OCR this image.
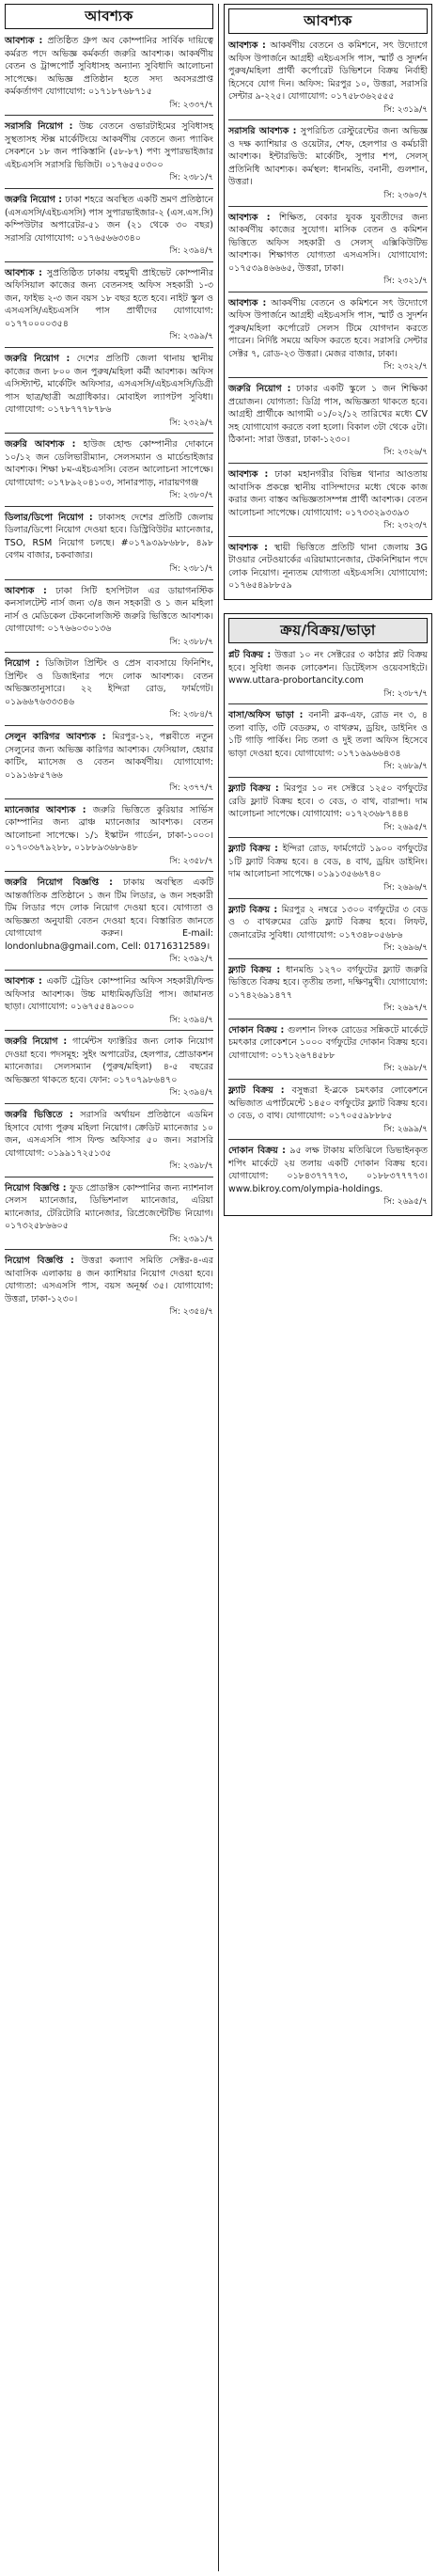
আবশ্যক
আবশ্যক : প্রতিষ্ঠিত গ্রুপ অব কোম্পানির সার্বিক দায়িত্বে কর্মরত পদে অভিজ্ঞ কর্মকর্তা জরুরি আবশ্যক। আকর্ষণীয় বেতন ও ট্রান্সপোর্ট সুবিধাসহ অন্যান্য সুবিধাদি আলোচনা সাপেক্ষে। অভিজ্ঞ প্রতিষ্ঠান হতে সদ্য অবসরপ্রাপ্ত কর্মকর্তাগণ যোগাযোগ: ০১৭১৮৭৬৮৭১৫
সি: ২৩৩৭/৭
সরাসরি নিয়োগ : উচ্চ বেতনে ওভারটাইমের সুবিধাসহ সুস্থতাসহ স্টক্স মার্কেটিংয়ে আকর্ষণীয় বেতনে জন্য প্যাকিং সেকশনে ১৮ জন পাকিস্তানি (৫৮-৮৭) পণ্য সুপারভাইজার এইচএসসি সরাসরি ভিজিট। ০১৭৬৫৫০৩০০
সি: ২৩৮১/৭
জরুরি নিয়োগ : ঢাকা শহরে অবস্থিত একটি ভ্রমণ প্রতিষ্ঠানে (এসএসসি/এইচএসসি) পাস সুপারভাইজার-২ (এস.এস.সি) কম্পিউটার অপারেটর-৫১ জন (২১ থেকে ৩০ বছর) সরাসরি যোগাযোগ: ০১৭৬৫৬৬৩৩৪০
সি: ২৩৯৪/৭
আবশ্যক : সুপ্রতিষ্ঠিত ঢাকায় বহুমুখী প্রাইভেট কোম্পানীর অফিসিয়াল কাজের জন্য বেতনসহ অফিস সহকারী ১-৩ জন, ফাইভ ২-৩ জন বয়স ১৮ বছর হতে হবে। নাইট স্কুল ও এসএসসি/এইচএসসি পাস প্রার্থীদের যোগাযোগ: ০১৭৭০০০০৩৫৪
সি: ২৩৯৯/৭
জরুরি নিয়োগ : দেশের প্রতিটি জেলা থানায় স্থানীয় কাজের জন্য ৮০০ জন পুরুষ/মহিলা কর্মী আবশ্যক। অফিস এসিস্ট্যান্ট, মার্কেটিং অফিসার, এসএসসি/এইচএসসি/ডিগ্রী পাস ছাত্র/ছাত্রী অগ্রাধিকার। মোবাইল ল্যাপটপ সুবিধা। যোগাযোগ: ০১৭৮৭৭৭৮৭৮৬
সি: ২৩২৯/৭
জরুরি আবশ্যক : হাউজ হোল্ড কোম্পানীর দোকানে ১০/১২ জন ডেলিভারীম্যান, সেলসম্যান ও মার্চেন্ডাইজার আবশ্যক। শিক্ষা ৮ম-এইচএসসি। বেতন আলোচনা সাপেক্ষে। যোগাযোগ: ০১৭৮৯২০৪১০৩, সানারপাড়, নারায়ণগঞ্জ
সি: ২৩৮০/৭
ডিলার/ডিপো নিয়োগ : ঢাকাসহ দেশের প্রতিটি জেলায় ডিলার/ডিপো নিয়োগ দেওয়া হবে। ডিস্ট্রিবিউটর ম্যানেজার, TSO, RSM নিয়োগ চলছে। #০১৭৯৩৯৮৬৮৮, ৪৯৮ বেগম বাজার, চকবাজার।
সি: ২৩৮১/৭
আবশ্যক : ঢাকা সিটি হসপিটাল এর ডায়াগনস্টিক কনসালটেন্ট নার্স জন্য ৩/৪ জন সহকারী ও ১ জন মহিলা নার্স ও মেডিকেল টেকনোলজিস্ট জরুরি ভিত্তিতে আবশ্যক। যোগাযোগ: ০১৭৬৬০৩০১৩৬
সি: ২৩৮৮/৭
নিয়োগ : ডিজিটাল প্রিন্টিং ও প্রেস ব্যবসায়ে ফিনিশিং, প্রিন্টিং ও ডিজাইনার পদে লোক আবশ্যক। বেতন অভিজ্ঞতানুসারে। ২২ ইন্দিরা রোড, ফার্মগেট। ০১৯৬৬৭৬৩৩৩৪৬
সি: ২৩৮৪/৭
সেলুন কারিগর আবশ্যক : মিরপুর-১২, পল্লবীতে নতুন সেলুনের জন্য অভিজ্ঞ কারিগর আবশ্যক। ফেসিয়াল, হেয়ার কাটিং, ম্যাসেজ ও বেতন আকর্ষণীয়। যোগাযোগ: ০১৯১৬৮৫৭৬৬
সি: ২৩৭৭/৭
ম্যানেজার আবশ্যক : জরুরি ভিত্তিতে কুরিয়ার সার্ভিস কোম্পানির জন্য ব্রাঞ্চ ম্যানেজার আবশ্যক। বেতন আলোচনা সাপেক্ষে। ১/১ ইস্কাটন গার্ডেন, ঢাকা-১০০০। ০১৭০৩৬৭৯২৮৮, ০১৮৮৯৩৬৮৬৪৮
সি: ২৩৫৮/৭
জরুরি নিয়োগ বিজ্ঞপ্তি : ঢাকায় অবস্থিত একটি আন্তর্জাতিক প্রতিষ্ঠানে ১ জন টিম লিডার, ৬ জন সহকারী টিম লিডার পদে লোক নিয়োগ দেওয়া হবে। যোগ্যতা ও অভিজ্ঞতা অনুযায়ী বেতন দেওয়া হবে। বিস্তারিত জানতে যোগাযোগ করুন। E-mail: londonlubna@gmail.com, Cell: 01716312589।
সি: ২৩৯২/৭
আবশ্যক : একটি ট্রেডিং কোম্পানির অফিস সহকারী/ফিল্ড অফিসার আবশ্যক। উচ্চ মাধ্যমিক/ডিগ্রি পাস। জামানত ছাড়া। যোগাযোগ: ০১৬৭৫৫৪৯০০০
সি: ২৩৯৪/৭
জরুরি নিয়োগ : গার্মেন্টস ফ্যাক্টরির জন্য লোক নিয়োগ দেওয়া হবে। পদসমূহ: সুইং অপারেটর, হেলপার, প্রোডাকশন ম্যানেজার। সেলসম্যান (পুরুষ/মহিলা) ৪-৫ বছরের অভিজ্ঞতা থাকতে হবে। ফোন: ০১৭০৭৯৮৬৪৭০
সি: ২৩৯৪/৭
জরুরি ভিত্তিতে : সরাসরি অর্থায়ন প্রতিষ্ঠানে এডমিন হিসাবে যোগ্য পুরুষ মহিলা নিয়োগ। ক্রেডিট ম্যানেজার ১০ জন, এসএসসি পাস ফিল্ড অফিসার ৫০ জন। সরাসরি যোগাযোগ: ০১৯৯১৭২৫১৩৫
সি: ২৩৯৮/৭
নিয়োগ বিজ্ঞপ্তি : ফুড প্রোডাক্টস কোম্পানির জন্য ন্যাশনাল সেলস ম্যানেজার, ডিভিশনাল ম্যানেজার, এরিয়া ম্যানেজার, টেরিটোরি ম্যানেজার, রিপ্রেজেন্টেটিভ নিয়োগ। ০১৭৩২৫৮৬৬০৫
সি: ২৩৯১/৭
নিয়োগ বিজ্ঞপ্তি : উত্তরা কল্যাণ সমিতি সেক্টর-৪-এর আবাসিক এলাকায় ৪ জন ক্যাশিয়ার নিয়োগ দেওয়া হবে। যোগ্যতা: এসএসসি পাস, বয়স অনূর্ধ্ব ৩৫। যোগাযোগ: উত্তরা, ঢাকা-১২৩০।
সি: ২৩৫৪/৭
আবশ্যক
আবশ্যক : আকর্ষণীয় বেতনে ও কমিশনে, সৎ উদ্যোগে অফিস উপার্জনে আগ্রহী এইচএসসি পাস, স্মার্ট ও সুদর্শন পুরুষ/মহিলা প্রার্থী কর্পোরেট ডিভিশনে বিক্রয় নির্বাহী হিসেবে যোগ দিন। অফিস: মিরপুর ১০, উত্তরা, সরাসরি সেন্টার ৯-২২৫। যোগাযোগ: ০১৭৫৮৩৬২৫৫৫
সি: ২৩১৯/৭
সরাসরি আবশ্যক : সুপরিচিত রেস্টুরেন্টের জন্য অভিজ্ঞ ও দক্ষ ক্যাশিয়ার ও ওয়েটার, শেফ, হেলপার ও কর্মচারী আবশ্যক। ইন্টারভিউ: মার্কেটিং, সুপার শপ, সেলস্ প্রতিনিধি আবশ্যক। কর্মস্থল: ধানমন্ডি, বনানী, গুলশান, উত্তরা।
সি: ২৩৬০/৭
আবশ্যক : শিক্ষিত, বেকার যুবক যুবতীদের জন্য আকর্ষণীয় কাজের সুযোগ। মাসিক বেতন ও কমিশন ভিত্তিতে অফিস সহকারী ও সেলস্ এক্সিকিউটিভ আবশ্যক। শিক্ষাগত যোগ্যতা এসএসসি। যোগাযোগ: ০১৭৫৩৯৪৬৬৬৫, উত্তরা, ঢাকা।
সি: ২৩২১/৭
আবশ্যক : আকর্ষণীয় বেতনে ও কমিশনে সৎ উদ্যোগে অফিস উপার্জনে আগ্রহী এইচএসসি পাস, স্মার্ট ও সুদর্শন পুরুষ/মহিলা কর্পোরেট সেলস টিমে যোগদান করতে পারেন। নির্দিষ্ট সময়ে অফিস করতে হবে। সরাসরি সেন্টার সেক্টর ৭, রোড-২৩ উত্তরা। মেজর বাজার, ঢাকা।
সি: ২৩২২/৭
জরুরি নিয়োগ : ঢাকার একটি স্কুলে ১ জন শিক্ষিকা প্রয়োজন। যোগ্যতা: ডিগ্রি পাস, অভিজ্ঞতা থাকতে হবে। আগ্রহী প্রার্থীকে আগামী ০১/০২/১২ তারিখের মধ্যে CV সহ যোগাযোগ করতে বলা হলো। বিকাল ৩টা থেকে ৫টা। ঠিকানা: সারা উত্তরা, ঢাকা-১২৩০।
সি: ২৩২৬/৭
আবশ্যক : ঢাকা মহানগরীর বিভিন্ন থানার আওতায় আবাসিক প্রকল্পে স্থানীয় বাসিন্দাদের মধ্যে থেকে কাজ করার জন্য বাস্তব অভিজ্ঞতাসম্পন্ন প্রার্থী আবশ্যক। বেতন আলোচনা সাপেক্ষে। যোগাযোগ: ০১৭৩৩২৯৩৩৯৩
সি: ২৩২৩/৭
আবশ্যক : স্থায়ী ভিত্তিতে প্রতিটি থানা জেলায় 3G টাওয়ার নেটওয়ার্কের এরিয়াম্যানেজার, টেকনিশিয়ান পদে লোক নিয়োগ। নূন্যতম যোগ্যতা এইচএসসি। যোগাযোগ: ০১৭৬৫৪৯৮৮৫৯
ক্রয়/বিক্রয়/ভাড়া
প্লট বিক্রয় : উত্তরা ১০ নং সেক্টরের ৩ কাঠার প্লট বিক্রয় হবে। সুবিধা জনক লোকেশন। ডিটেইলস ওয়েবসাইটে। www.uttara-probortancity.com
সি: ২৩৮৭/৭
বাসা/অফিস ভাড়া : বনানী ব্লক-এফ, রোড নং ৩, ৪ তলা বাড়ি, ৩টি বেডরুম, ৩ বাথরুম, ড্রয়িং, ডাইনিং ও ১টি গাড়ি পার্কিং। নিচ তলা ও দুই তলা অফিস হিসেবে ভাড়া দেওয়া হবে। যোগাযোগ: ০১৭১৬৯৬৬৪৩৪
সি: ২৬৮৯/৭
ফ্ল্যাট বিক্রয় : মিরপুর ১০ নং সেক্টরে ১২৫০ বর্গফুটের রেডি ফ্ল্যাট বিক্রয় হবে। ৩ বেড, ৩ বাথ, বারান্দা। দাম আলোচনা সাপেক্ষে। যোগাযোগ: ০১৭২৩৬৮৭৪৪৪
সি: ২৬৯৫/৭
ফ্ল্যাট বিক্রয় : ইন্দিরা রোড, ফার্মগেটে ১৯০০ বর্গফুটের ১টি ফ্ল্যাট বিক্রয় হবে। ৪ বেড, ৪ বাথ, ড্রয়িং ডাইনিং। দাম আলোচনা সাপেক্ষে। ০১৯১৩৫৬৬৭৪০
সি: ২৬৯৬/৭
ফ্ল্যাট বিক্রয় : মিরপুর ২ নম্বরে ১৩০০ বর্গফুটের ৩ বেড ও ৩ বাথরুমের রেডি ফ্ল্যাট বিক্রয় হবে। লিফট, জেনারেটর সুবিধা। যোগাযোগ: ০১৭৩৪৮০৫৬৮৬
সি: ২৬৯৬/৭
ফ্ল্যাট বিক্রয় : ধানমন্ডি ১২৭০ বর্গফুটের ফ্ল্যাট জরুরি ভিত্তিতে বিক্রয় হবে। তৃতীয় তলা, দক্ষিণমুখী। যোগাযোগ: ০১৭৪২৬৯১৪৭৭
সি: ২৬৯৭/৭
দোকান বিক্রয় : গুলশান লিংক রোডের সন্নিকটে মার্কেটে চমৎকার লোকেশনে ১০০০ বর্গফুটের দোকান বিক্রয় হবে। যোগাযোগ: ০১৭১২৬৭৪৫৮৮
সি: ২৬৯৮/৭
ফ্ল্যাট বিক্রয় : বসুন্ধরা ই-ব্লকে চমৎকার লোকেশনে অভিজাত এপার্টমেন্টে ১৪৫০ বর্গফুটের ফ্ল্যাট বিক্রয় হবে। ৩ বেড, ৩ বাথ। যোগাযোগ: ০১৭০৫৫৯৮৮৮৫
সি: ২৬৯৯/৭
দোকান বিক্রয় : ৯৫ লক্ষ টাকায় মতিঝিলে ডিভাইনকৃত শপিং মার্কেটে ২য় তলায় একটি দোকান বিক্রয় হবে। যোগাযোগ: ০১৮৪৩৭৭৭৭৩, ০১৮৮৩৭৭৭৭৩। www.bikroy.com/olympia-holdings.
সি: ২৬৯৫/৭
